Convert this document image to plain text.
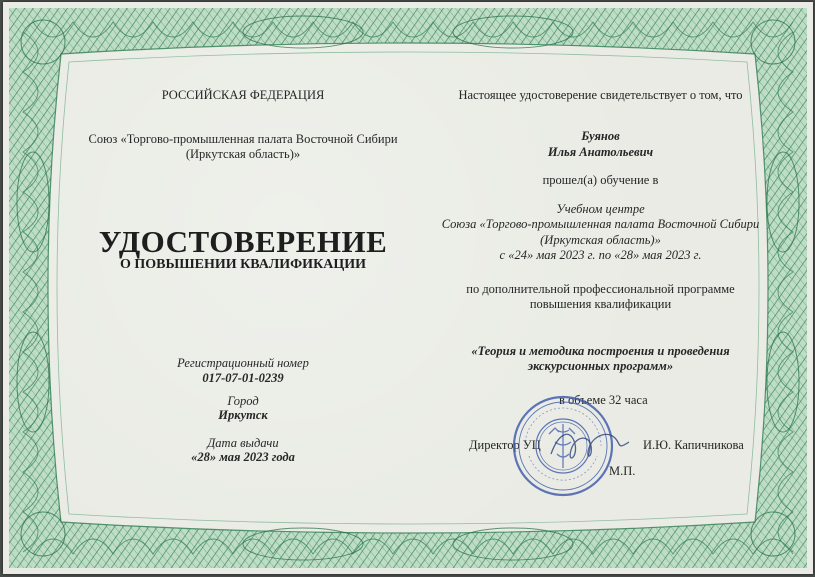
РОССИЙСКАЯ ФЕДЕРАЦИЯ
Союз «Торгово-промышленная палата Восточной Сибири
(Иркутская область)»
УДОСТОВЕРЕНИЕ
О ПОВЫШЕНИИ КВАЛИФИКАЦИИ
Регистрационный номер
017-07-01-0239
Город
Иркутск
Дата выдачи
«28» мая 2023 года
Настоящее удостоверение свидетельствует о том, что
Буянов
Илья Анатольевич
прошел(а) обучение в
Учебном центре
Союза «Торгово-промышленная палата Восточной Сибири
(Иркутская область)»
с «24» мая 2023 г. по «28» мая 2023 г.
по дополнительной профессиональной программе
повышения квалификации
«Теория и методика построения и проведения
экскурсионных программ»
в объеме 32 часа
Директор УЦ	И.Ю. Капичникова
М.П.
